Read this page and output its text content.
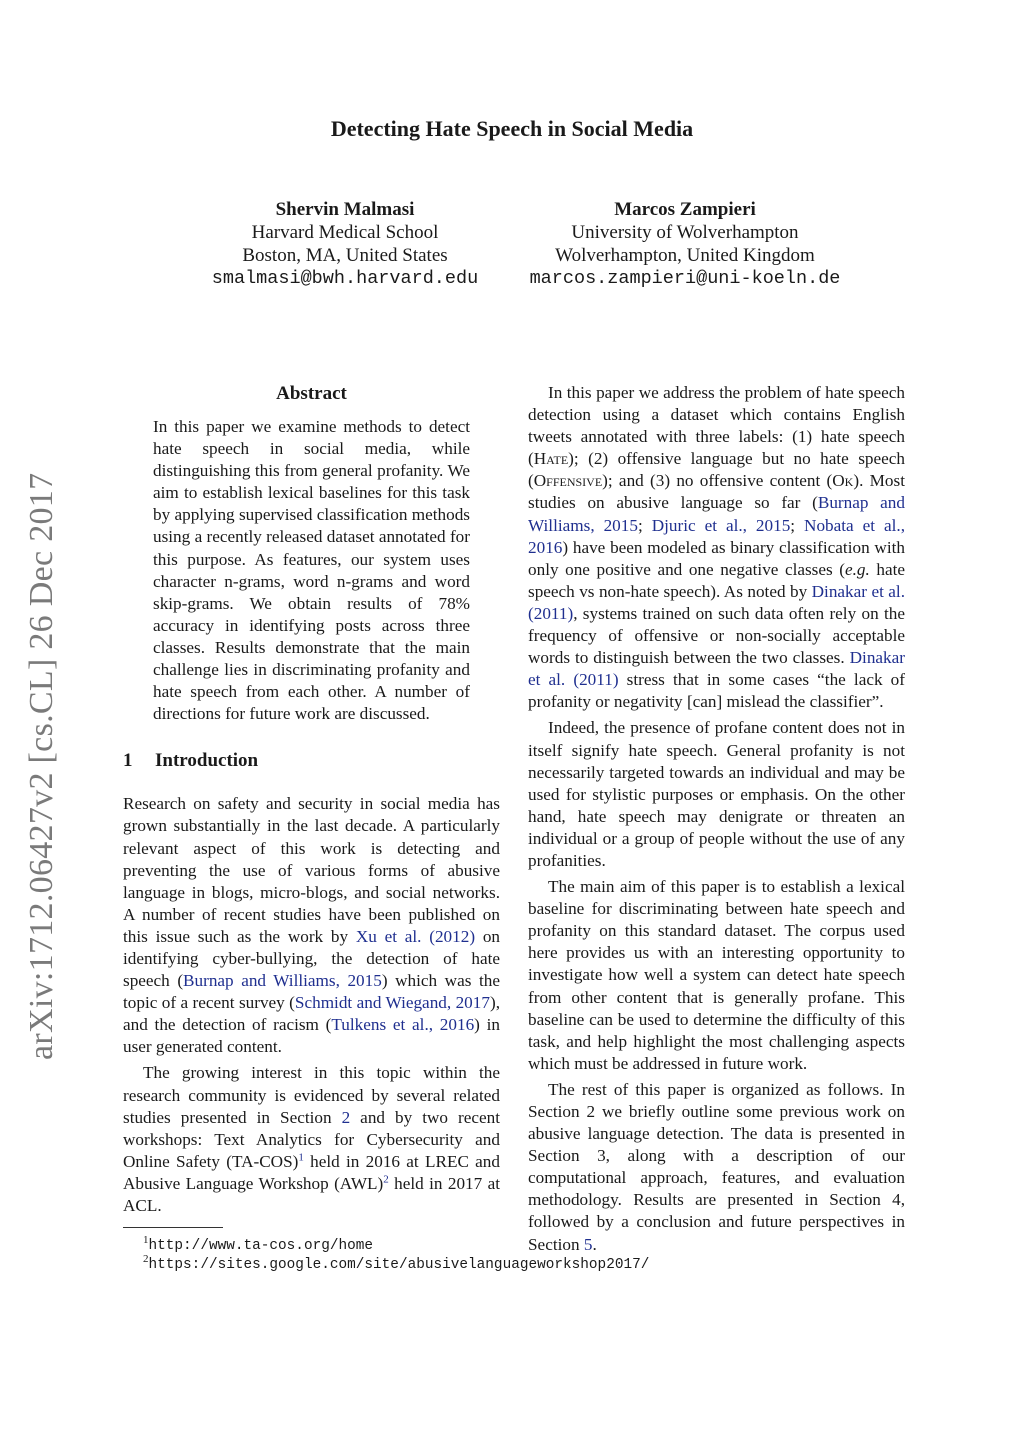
arXiv:1712.06427v2 [cs.CL] 26 Dec 2017
Detecting Hate Speech in Social Media
Shervin Malmasi
Harvard Medical School
Boston, MA, United States
smalmasi@bwh.harvard.edu
Marcos Zampieri
University of Wolverhampton
Wolverhampton, United Kingdom
marcos.zampieri@uni-koeln.de
Abstract

In this paper we examine methods to detect hate speech in social media, while distinguishing this from general profanity. We aim to establish lexical baselines for this task by applying supervised classification methods using a recently released dataset annotated for this purpose. As features, our system uses character n-grams, word n-grams and word skip-grams. We obtain results of 78% accuracy in identifying posts across three classes. Results demonstrate that the main challenge lies in discriminating profanity and hate speech from each other. A number of directions for future work are discussed.

1 Introduction

Research on safety and security in social media has grown substantially in the last decade. A particularly relevant aspect of this work is detecting and preventing the use of various forms of abusive language in blogs, micro-blogs, and social networks. A number of recent studies have been published on this issue such as the work by Xu et al. (2012) on identifying cyber-bullying, the detection of hate speech (Burnap and Williams, 2015) which was the topic of a recent survey (Schmidt and Wiegand, 2017), and the detection of racism (Tulkens et al., 2016) in user generated content.

The growing interest in this topic within the research community is evidenced by several related studies presented in Section 2 and by two recent workshops: Text Analytics for Cybersecurity and Online Safety (TA-COS)$^1$ held in 2016 at LREC and Abusive Language Workshop (AWL)$^2$ held in 2017 at ACL.

$^1$http://www.ta-cos.org/home
$^2$https://sites.google.com/site/abusivelanguageworkshop2017/

In this paper we address the problem of hate speech detection using a dataset which contains English tweets annotated with three labels: (1) hate speech (Hate); (2) offensive language but no hate speech (Offensive); and (3) no offensive content (Ok). Most studies on abusive language so far (Burnap and Williams, 2015; Djuric et al., 2015; Nobata et al., 2016) have been modeled as binary classification with only one positive and one negative classes (e.g. hate speech vs non-hate speech). As noted by Dinakar et al. (2011), systems trained on such data often rely on the frequency of offensive or non-socially acceptable words to distinguish between the two classes. Dinakar et al. (2011) stress that in some cases “the lack of profanity or negativity [can] mislead the classifier”.

Indeed, the presence of profane content does not in itself signify hate speech. General profanity is not necessarily targeted towards an individual and may be used for stylistic purposes or emphasis. On the other hand, hate speech may denigrate or threaten an individual or a group of people without the use of any profanities.

The main aim of this paper is to establish a lexical baseline for discriminating between hate speech and profanity on this standard dataset. The corpus used here provides us with an interesting opportunity to investigate how well a system can detect hate speech from other content that is generally profane. This baseline can be used to determine the difficulty of this task, and help highlight the most challenging aspects which must be addressed in future work.

The rest of this paper is organized as follows. In Section 2 we briefly outline some previous work on abusive language detection. The data is presented in Section 3, along with a description of our computational approach, features, and evaluation methodology. Results are presented in Section 4, followed by a conclusion and future perspectives in Section 5.
